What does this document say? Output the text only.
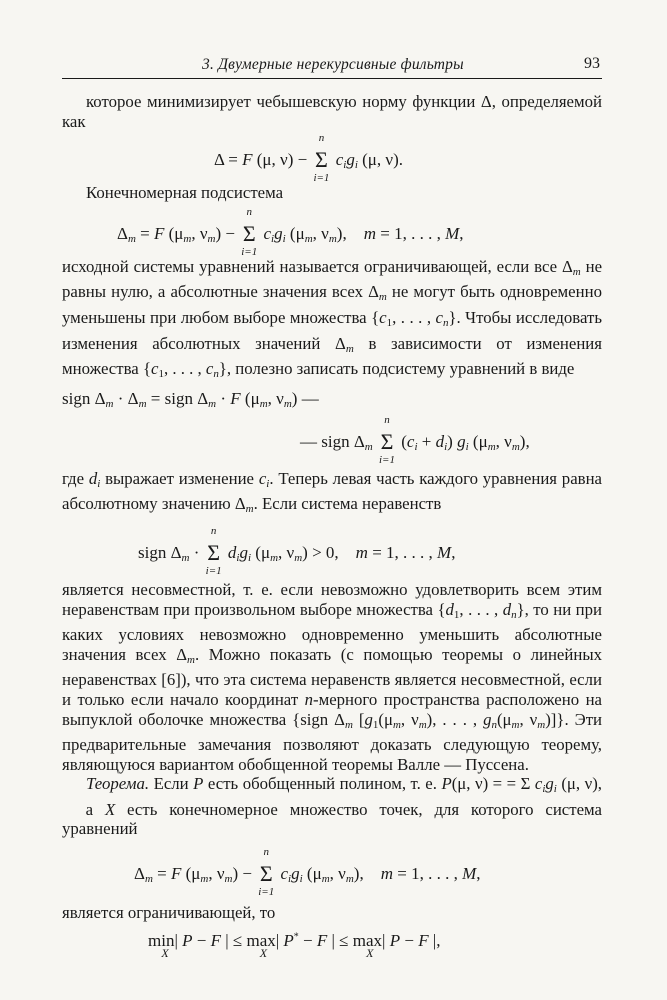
3. Двумерные нерекурсивные фильтры	93

которое минимизирует чебышевскую норму функции Δ, определяемой как

Δ = F (μ, ν) −
n
Σ
i=1
$c_ig_i$ (μ, ν).

Конечномерная подсистема

$\Delta_m = F$ ($\mu_m$, $\nu_m$) −
n
Σ
i=1
$c_ig_i$ ($\mu_m$, $\nu_m$),    m = 1, . . . , M,

исходной системы уравнений называется ограничивающей, если все $\Delta_m$ не равны нулю, а абсолютные значения всех $\Delta_m$ не могут быть одновременно уменьшены при любом выборе множества {$c_1$, . . . , $c_n$}. Чтобы исследовать изменения абсолютных значений $\Delta_m$ в зависимости от изменения множества {$c_1$, . . . , $c_n$}, полезно записать подсистему уравнений в виде

sign $\Delta_m \cdot \Delta_m$ = sign $\Delta_m \cdot F$ ($\mu_m$, $\nu_m$) —
— sign $\Delta_m$
n
Σ
i=1
$(c_i + d_i)$ $g_i$ ($\mu_m$, $\nu_m$),

где $d_i$ выражает изменение $c_i$. Теперь левая часть каждого уравнения равна абсолютному значению $\Delta_m$. Если система неравенств

sign $\Delta_m$ ·
n
Σ
i=1
$d_ig_i$ ($\mu_m$, $\nu_m) > 0$,    m = 1, . . . , M,

является несовместной, т. е. если невозможно удовлетворить всем этим неравенствам при произвольном выборе множества {$d_1$, . . . , $d_n$}, то ни при каких условиях невозможно одновременно уменьшить абсолютные значения всех $\Delta_m$. Можно показать (с помощью теоремы о линейных неравенствах [6]), что эта система неравенств является несовместной, если и только если начало координат n-мерного пространства расположено на выпуклой оболочке множества {sign $\Delta_m$ [$g_1(\mu_m$, $\nu_m$), . . . , $g_n(\mu_m$, $\nu_m$)]}. Эти предварительные замечания позволяют доказать следующую теорему, являющуюся вариантом обобщенной теоремы Валле — Пуссена.

Теорема. Если P есть обобщенный полином, т. е. P(μ, ν) = = Σ $c_ig_i$ (μ, ν),   а X есть конечномерное множество точек, для которого система уравнений

$\Delta_m = F$ ($\mu_m$, $\nu_m$) −
n
Σ
i=1
$c_ig_i$ ($\mu_m$, $\nu_m$),    m = 1, . . . , M,

является ограничивающей, то

min
X
| P − F | ≤ max
X
| P* − F | ≤ max
X
| P − F |,
